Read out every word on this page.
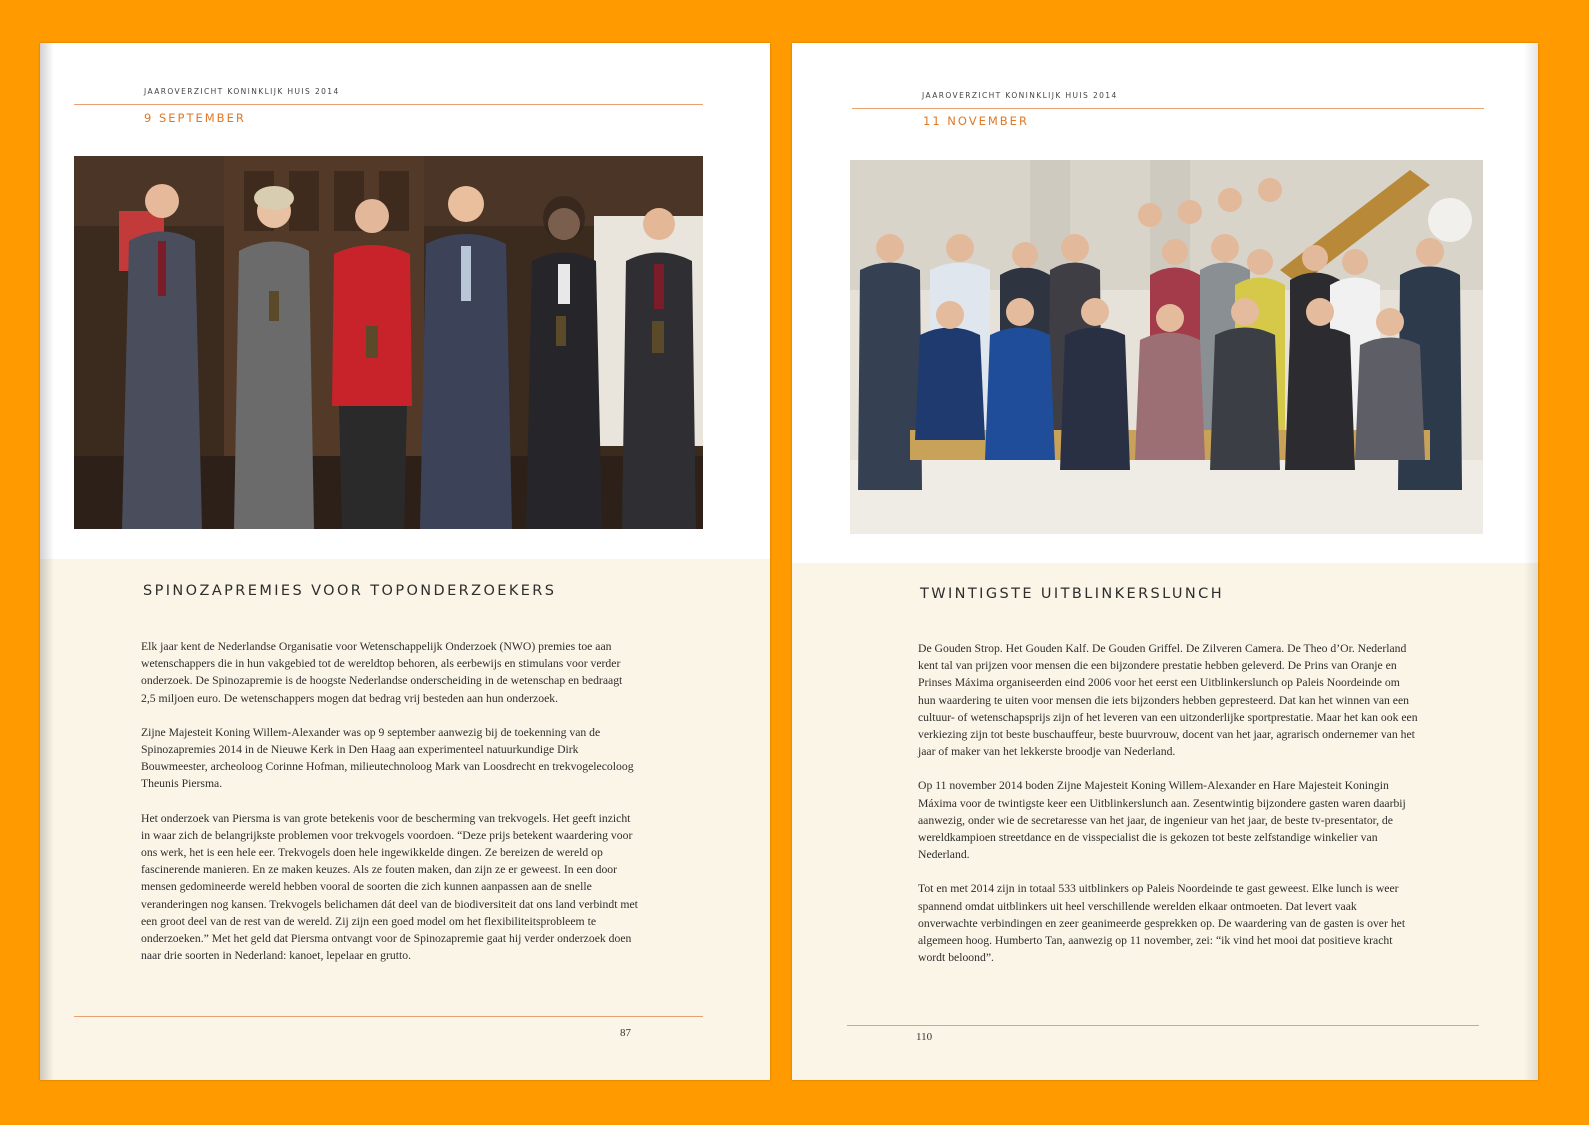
JAAROVERZICHT KONINKLIJK HUIS 2014
9 SEPTEMBER
SPINOZAPREMIES VOOR TOPONDERZOEKERS

Elk jaar kent de Nederlandse Organisatie voor Wetenschappelijk Onderzoek (NWO) premies toe aan wetenschappers die in hun vakgebied tot de wereldtop behoren, als eerbewijs en stimulans voor verder onderzoek. De Spinozapremie is de hoogste Nederlandse onderscheiding in de wetenschap en bedraagt 2,5 miljoen euro. De wetenschappers mogen dat bedrag vrij besteden aan hun onderzoek.

Zijne Majesteit Koning Willem-Alexander was op 9 september aanwezig bij de toekenning van de Spinozapremies 2014 in de Nieuwe Kerk in Den Haag aan experimenteel natuurkundige Dirk Bouwmeester, archeoloog Corinne Hofman, milieutechnoloog Mark van Loosdrecht en trekvogelecoloog Theunis Piersma.

Het onderzoek van Piersma is van grote betekenis voor de bescherming van trekvogels. Het geeft inzicht in waar zich de belangrijkste problemen voor trekvogels voordoen. “Deze prijs betekent waardering voor ons werk, het is een hele eer. Trekvogels doen hele ingewikkelde dingen. Ze bereizen de wereld op fascinerende manieren. En ze maken keuzes. Als ze fouten maken, dan zijn ze er geweest. In een door mensen gedomineerde wereld hebben vooral de soorten die zich kunnen aanpassen aan de snelle veranderingen nog kansen. Trekvogels belichamen dát deel van de biodiversiteit dat ons land verbindt met een groot deel van de rest van de wereld. Zij zijn een goed model om het flexibiliteitsprobleem te onderzoeken.” Met het geld dat Piersma ontvangt voor de Spinozapremie gaat hij verder onderzoek doen naar drie soorten in Nederland: kanoet, lepelaar en grutto.

87
JAAROVERZICHT KONINKLIJK HUIS 2014
11 NOVEMBER
TWINTIGSTE UITBLINKERSLUNCH

De Gouden Strop. Het Gouden Kalf. De Gouden Griffel. De Zilveren Camera. De Theo d’Or. Nederland kent tal van prijzen voor mensen die een bijzondere prestatie hebben geleverd. De Prins van Oranje en Prinses Máxima organiseerden eind 2006 voor het eerst een Uitblinkerslunch op Paleis Noordeinde om hun waardering te uiten voor mensen die iets bijzonders hebben gepresteerd. Dat kan het winnen van een cultuur- of wetenschapsprijs zijn of het leveren van een uitzonderlijke sportprestatie. Maar het kan ook een verkiezing zijn tot beste buschauffeur, beste buurvrouw, docent van het jaar, agrarisch ondernemer van het jaar of maker van het lekkerste broodje van Nederland.

Op 11 november 2014 boden Zijne Majesteit Koning Willem-Alexander en Hare Majesteit Koningin Máxima voor de twintigste keer een Uitblinkerslunch aan. Zesentwintig bijzondere gasten waren daarbij aanwezig, onder wie de secretaresse van het jaar, de ingenieur van het jaar, de beste tv-presentator, de wereldkampioen streetdance en de visspecialist die is gekozen tot beste zelfstandige winkelier van Nederland.

Tot en met 2014 zijn in totaal 533 uitblinkers op Paleis Noordeinde te gast geweest. Elke lunch is weer spannend omdat uitblinkers uit heel verschillende werelden elkaar ontmoeten. Dat levert vaak onverwachte verbindingen en zeer geanimeerde gesprekken op. De waardering van de gasten is over het algemeen hoog. Humberto Tan, aanwezig op 11 november, zei: “ik vind het mooi dat positieve kracht wordt beloond”.

110
